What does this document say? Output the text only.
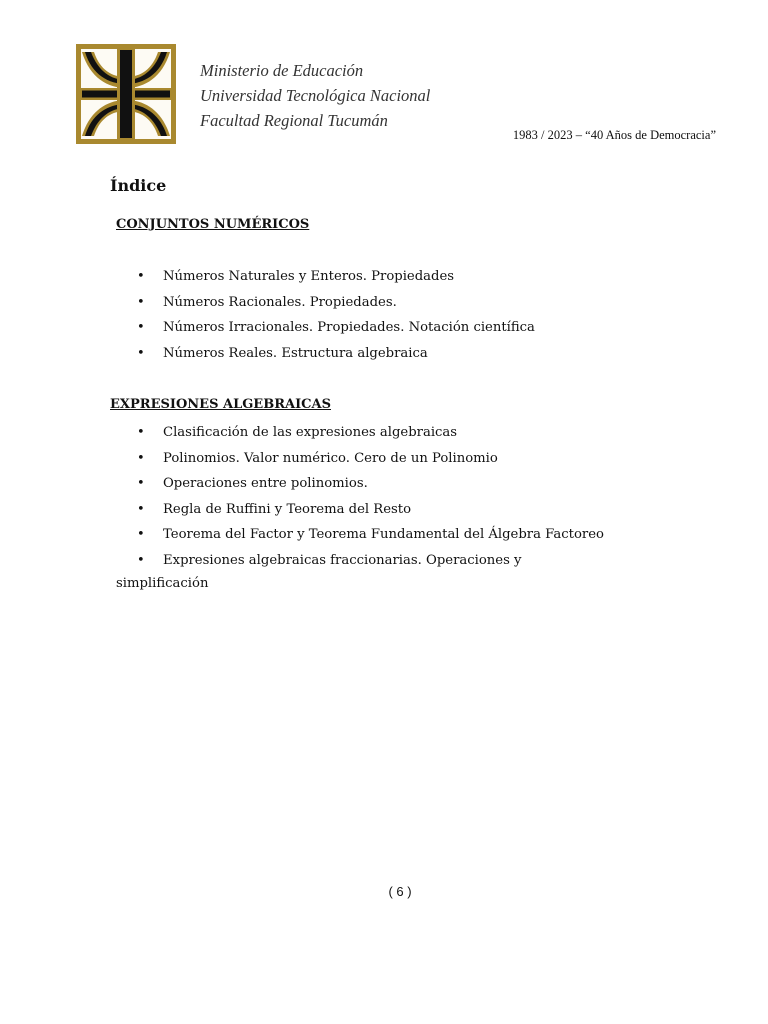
Ministerio de Educación
Universidad Tecnológica Nacional
Facultad Regional Tucumán
1983 / 2023 – “40 Años de Democracia”
Índice
CONJUNTOS NUMÉRICOS
• Números Naturales y Enteros. Propiedades
• Números Racionales. Propiedades.
• Números Irracionales. Propiedades. Notación científica
• Números Reales. Estructura algebraica
EXPRESIONES ALGEBRAICAS
• Clasificación de las expresiones algebraicas
• Polinomios. Valor numérico. Cero de un Polinomio
• Operaciones entre polinomios.
• Regla de Ruffini y Teorema del Resto
• Teorema del Factor y Teorema Fundamental del Álgebra Factoreo
• Expresiones algebraicas fraccionarias. Operaciones y
simplificación
( 6 )
